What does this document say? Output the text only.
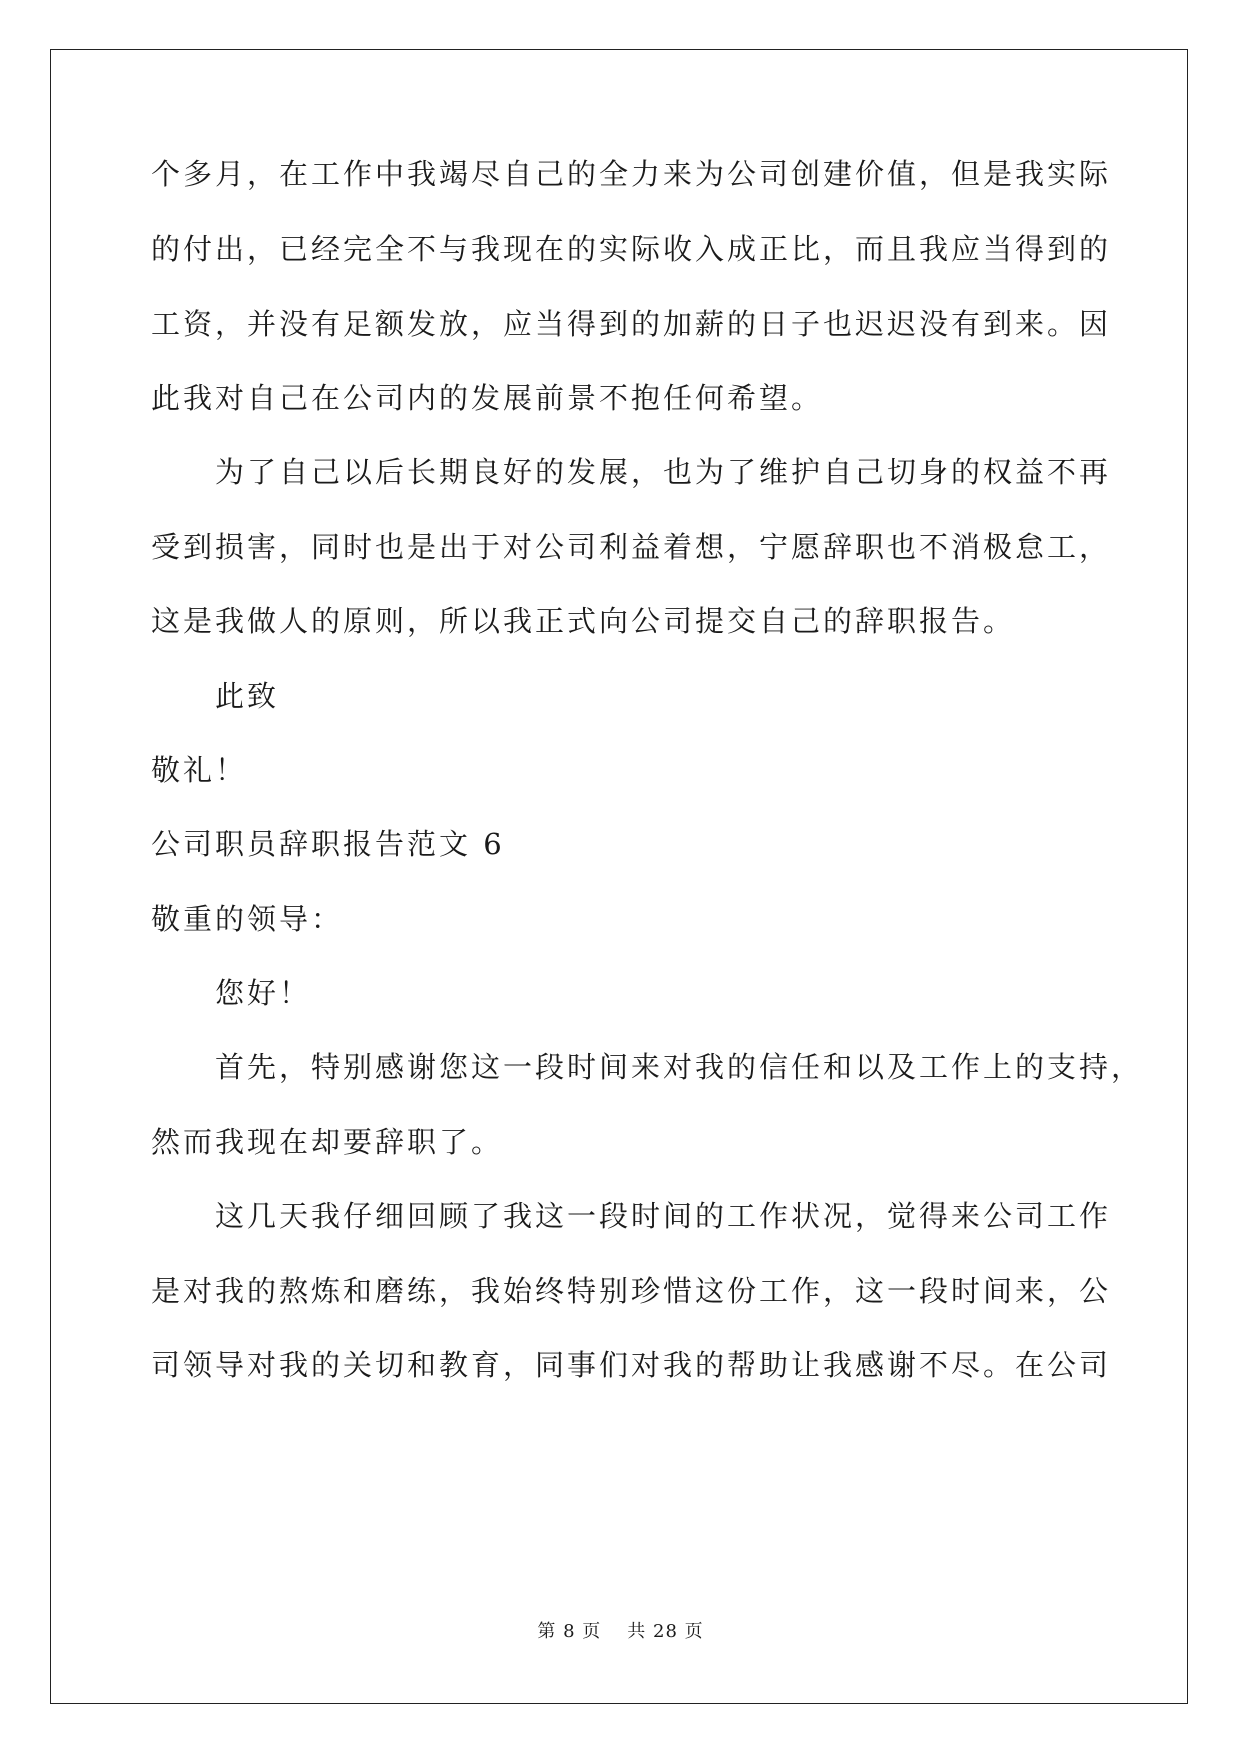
个多月，在工作中我竭尽自己的全力来为公司创建价值，但是我实际
的付出，已经完全不与我现在的实际收入成正比，而且我应当得到的
工资，并没有足额发放，应当得到的加薪的日子也迟迟没有到来。因
此我对自己在公司内的发展前景不抱任何希望。
为了自己以后长期良好的发展，也为了维护自己切身的权益不再
受到损害，同时也是出于对公司利益着想，宁愿辞职也不消极怠工，
这是我做人的原则，所以我正式向公司提交自己的辞职报告。
此致
敬礼！
公司职员辞职报告范文 6
敬重的领导：
您好！
首先，特别感谢您这一段时间来对我的信任和以及工作上的支持，
然而我现在却要辞职了。
这几天我仔细回顾了我这一段时间的工作状况，觉得来公司工作
是对我的熬炼和磨练，我始终特别珍惜这份工作，这一段时间来，公
司领导对我的关切和教育，同事们对我的帮助让我感谢不尽。在公司
第 8 页 共 28 页
